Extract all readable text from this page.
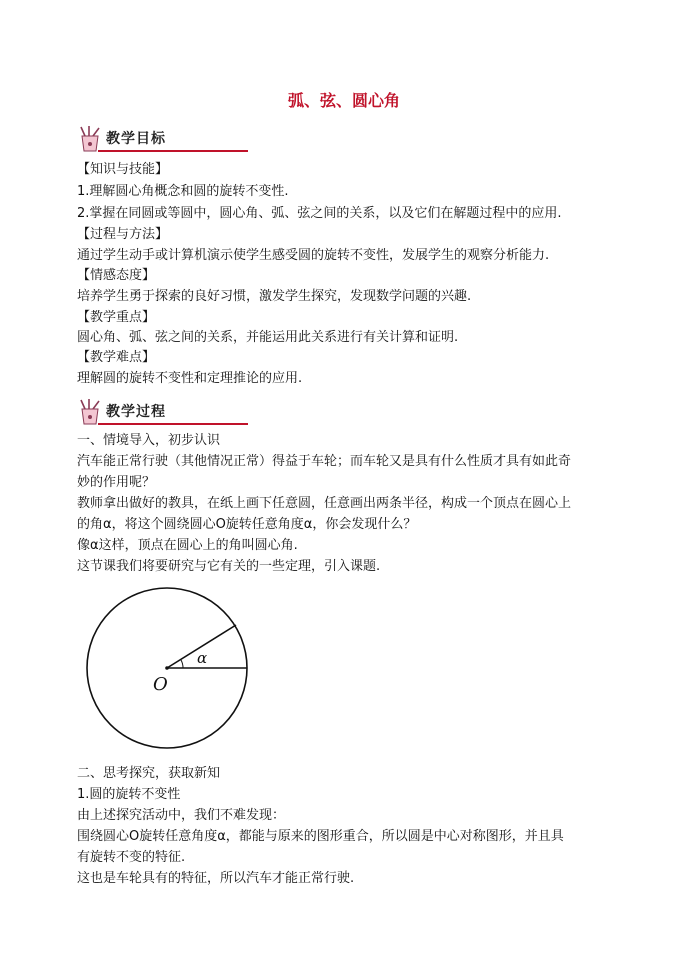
弧、弦、圆心角
教学目标
【知识与技能】
1.理解圆心角概念和圆的旋转不变性.
2.掌握在同圆或等圆中，圆心角、弧、弦之间的关系，以及它们在解题过程中的应用.
【过程与方法】
通过学生动手或计算机演示使学生感受圆的旋转不变性，发展学生的观察分析能力.
【情感态度】
培养学生勇于探索的良好习惯，激发学生探究，发现数学问题的兴趣.
【教学重点】
圆心角、弧、弦之间的关系，并能运用此关系进行有关计算和证明.
【教学难点】
理解圆的旋转不变性和定理推论的应用.
教学过程
一、情境导入，初步认识
汽车能正常行驶（其他情况正常）得益于车轮；而车轮又是具有什么性质才具有如此奇
妙的作用呢？
教师拿出做好的教具，在纸上画下任意圆，任意画出两条半径，构成一个顶点在圆心上
的角α，将这个圆绕圆心O旋转任意角度α，你会发现什么？
像α这样，顶点在圆心上的角叫圆心角.
这节课我们将要研究与它有关的一些定理，引入课题.
O
α
二、思考探究，获取新知
1.圆的旋转不变性
由上述探究活动中，我们不难发现：
围绕圆心O旋转任意角度α，都能与原来的图形重合，所以圆是中心对称图形，并且具
有旋转不变的特征.
这也是车轮具有的特征，所以汽车才能正常行驶.
